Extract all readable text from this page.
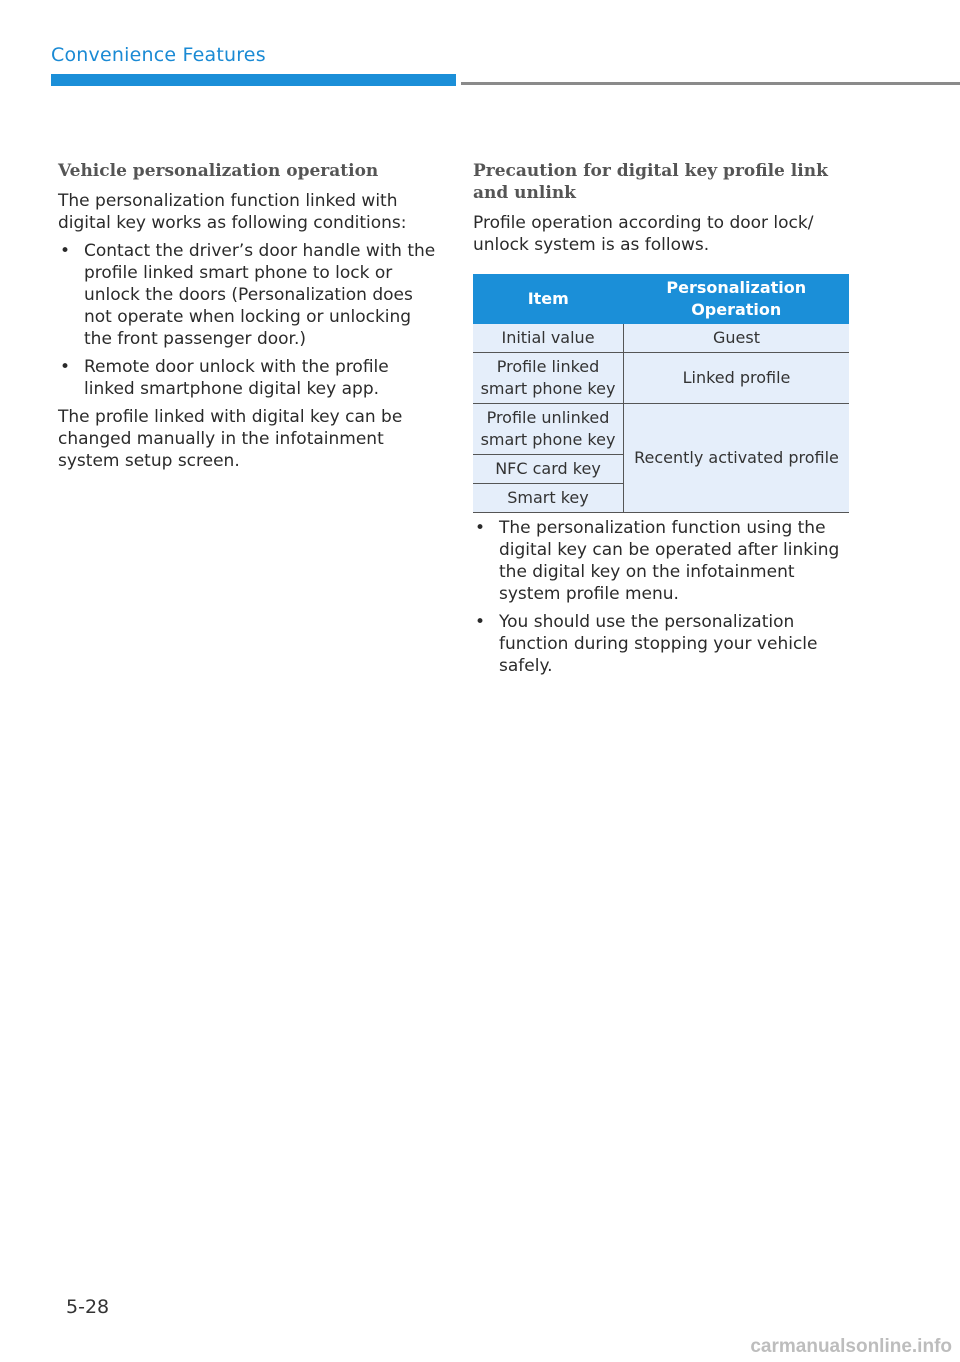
Convenience Features
Vehicle personalization operation

The personalization function linked with digital key works as following conditions:

• Contact the driver’s door handle with the profile linked smart phone to lock or unlock the doors (Personalization does not operate when locking or unlocking the front passenger door.)
• Remote door unlock with the profile linked smartphone digital key app.

The profile linked with digital key can be changed manually in the infotainment system setup screen.

Precaution for digital key profile link and unlink

Profile operation according to door lock/ unlock system is as follows.

Item	Personalization Operation
Initial value	Guest
Profile linked smart phone key	Linked profile
Profile unlinked smart phone key	Recently activated profile
NFC card key	
Smart key	
• The personalization function using the digital key can be operated after linking the digital key on the infotainment system profile menu.
• You should use the personalization function during stopping your vehicle safely.
5-28
carmanualsonline.info
